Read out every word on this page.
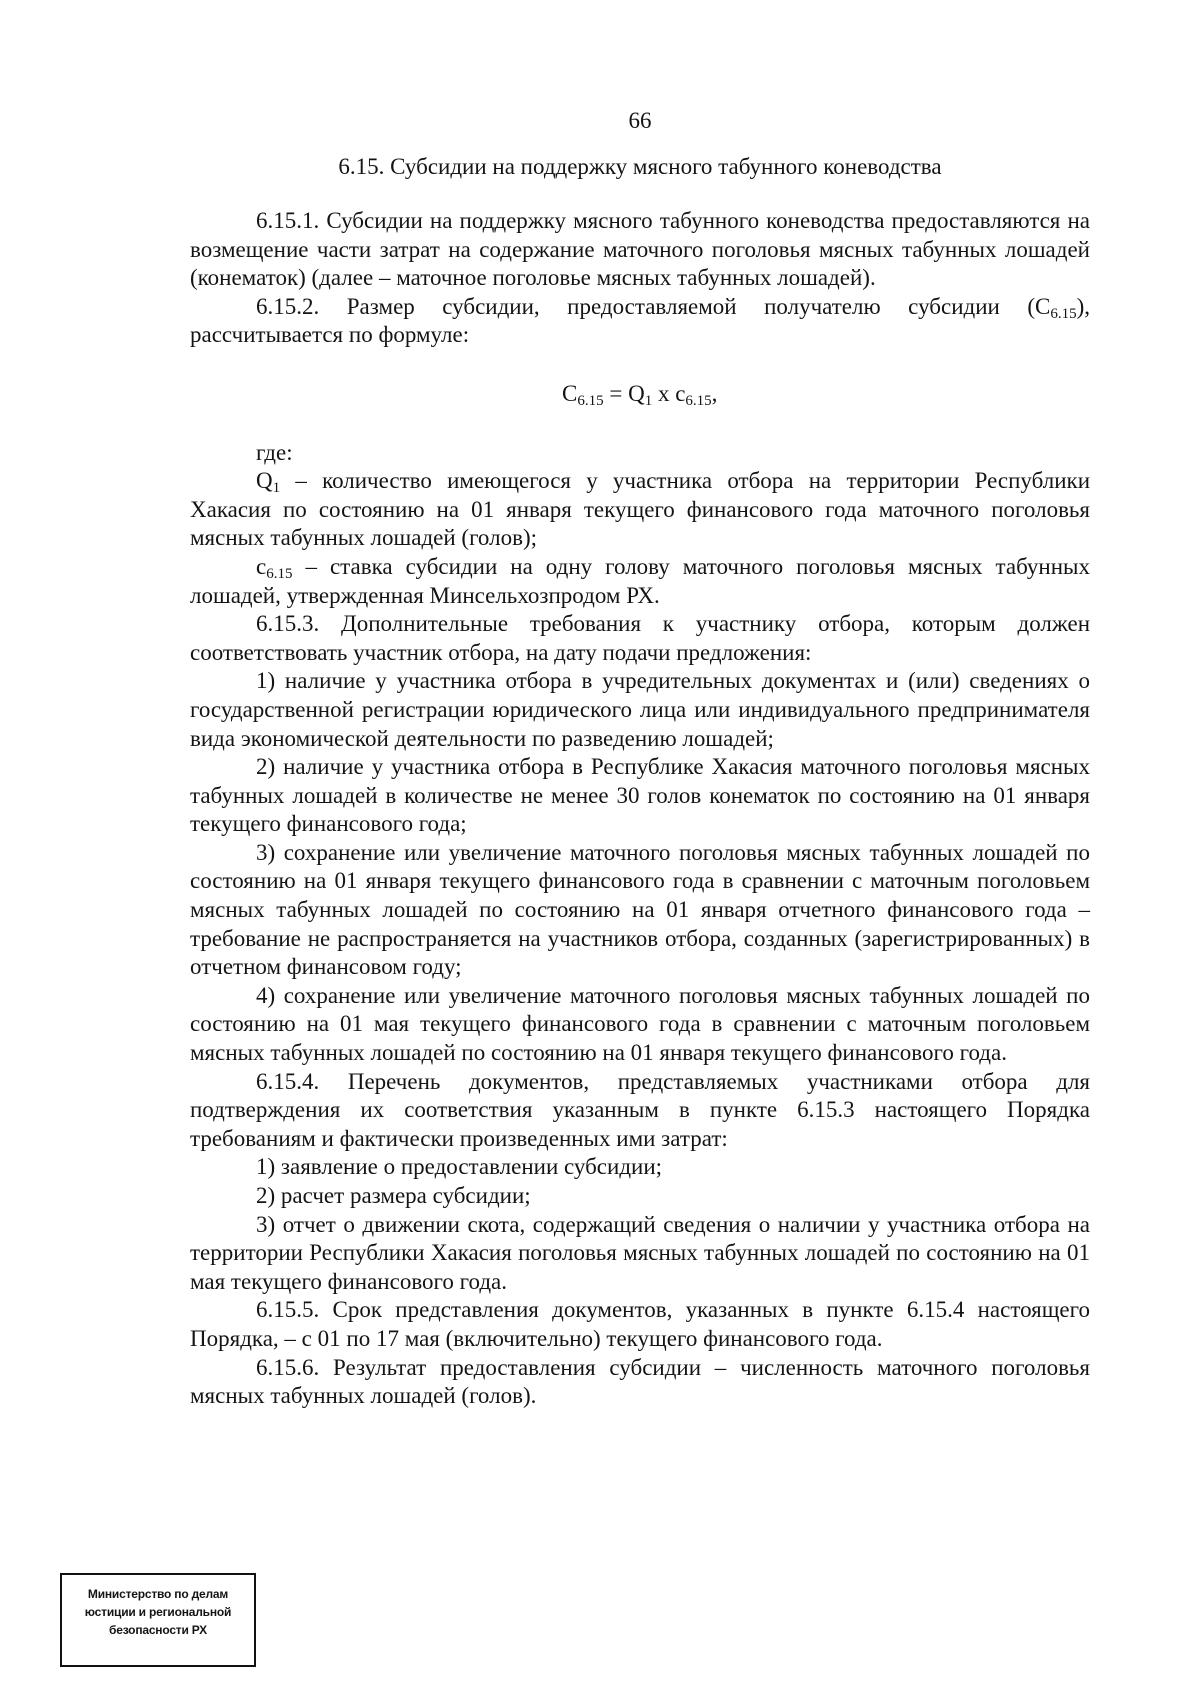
66
6.15. Субсидии на поддержку мясного табунного коневодства

6.15.1. Субсидии на поддержку мясного табунного коневодства предоставляются на возмещение части затрат на содержание маточного поголовья мясных табунных лошадей (конематок) (далее – маточное поголовье мясных табунных лошадей).

6.15.2. Размер субсидии, предоставляемой получателю субсидии $(С_{6.15})$, рассчитывается по формуле:

$С_{6.15} = Q_1$ х $с_{6.15}$,

где:

$Q_1$ – количество имеющегося у участника отбора на территории Республики Хакасия по состоянию на 01 января текущего финансового года маточного поголовья мясных табунных лошадей (голов);

$с_{6.15}$ – ставка субсидии на одну голову маточного поголовья мясных табунных лошадей, утвержденная Минсельхозпродом РХ.

6.15.3. Дополнительные требования к участнику отбора, которым должен соответствовать участник отбора, на дату подачи предложения:

1) наличие у участника отбора в учредительных документах и (или) сведениях о государственной регистрации юридического лица или индивидуального предпринимателя вида экономической деятельности по разведению лошадей;

2) наличие у участника отбора в Республике Хакасия маточного поголовья мясных табунных лошадей в количестве не менее 30 голов конематок по состоянию на 01 января текущего финансового года;

3) сохранение или увеличение маточного поголовья мясных табунных лошадей по состоянию на 01 января текущего финансового года в сравнении с маточным поголовьем мясных табунных лошадей по состоянию на 01 января отчетного финансового года – требование не распространяется на участников отбора, созданных (зарегистрированных) в отчетном финансовом году;

4) сохранение или увеличение маточного поголовья мясных табунных лошадей по состоянию на 01 мая текущего финансового года в сравнении с маточным поголовьем мясных табунных лошадей по состоянию на 01 января текущего финансового года.

6.15.4. Перечень документов, представляемых участниками отбора для подтверждения их соответствия указанным в пункте 6.15.3 настоящего Порядка требованиям и фактически произведенных ими затрат:

1) заявление о предоставлении субсидии;

2) расчет размера субсидии;

3) отчет о движении скота, содержащий сведения о наличии у участника отбора на территории Республики Хакасия поголовья мясных табунных лошадей по состоянию на 01 мая текущего финансового года.

6.15.5. Срок представления документов, указанных в пункте 6.15.4 настоящего Порядка, – с 01 по 17 мая (включительно) текущего финансового года.

6.15.6. Результат предоставления субсидии – численность маточного поголовья мясных табунных лошадей (голов).

Министерство по делам
юстиции и региональной
безопасности РХ
